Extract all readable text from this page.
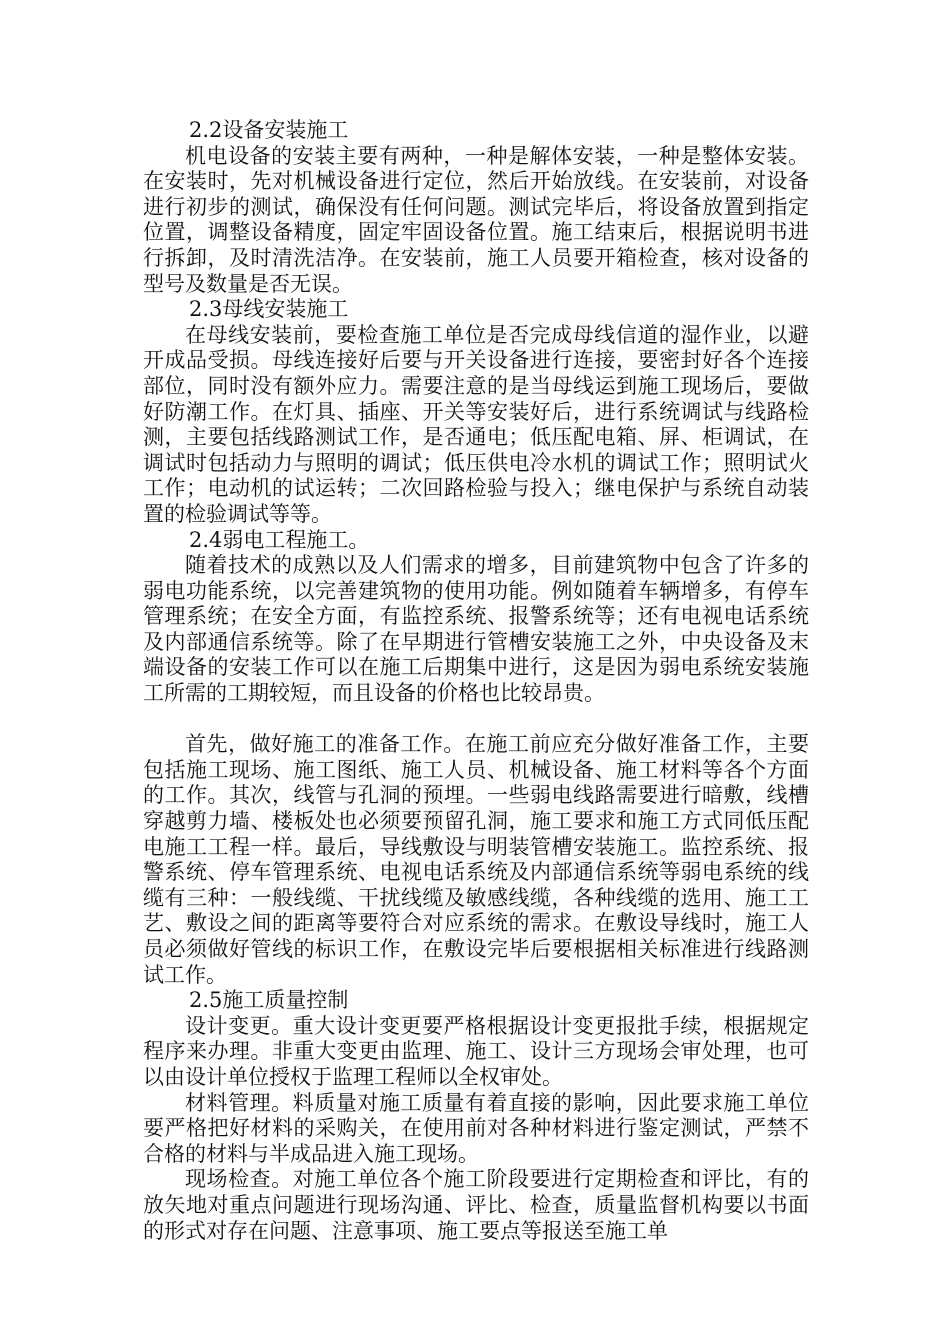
2.2设备安装施工

机电设备的安装主要有两种，一种是解体安装，一种是整体安装。在安装时，先对机械设备进行定位，然后开始放线。在安装前，对设备进行初步的测试，确保没有任何问题。测试完毕后，将设备放置到指定位置，调整设备精度，固定牢固设备位置。施工结束后，根据说明书进行拆卸，及时清洗洁净。在安装前，施工人员要开箱检查，核对设备的型号及数量是否无误。

2.3母线安装施工

在母线安装前，要检查施工单位是否完成母线信道的湿作业，以避开成品受损。母线连接好后要与开关设备进行连接，要密封好各个连接部位，同时没有额外应力。需要注意的是当母线运到施工现场后，要做好防潮工作。在灯具、插座、开关等安装好后，进行系统调试与线路检测，主要包括线路测试工作，是否通电；低压配电箱、屏、柜调试，在调试时包括动力与照明的调试；低压供电冷水机的调试工作；照明试火工作；电动机的试运转；二次回路检验与投入；继电保护与系统自动装置的检验调试等等。

2.4弱电工程施工。

随着技术的成熟以及人们需求的增多，目前建筑物中包含了许多的弱电功能系统，以完善建筑物的使用功能。例如随着车辆增多，有停车管理系统；在安全方面，有监控系统、报警系统等；还有电视电话系统及内部通信系统等。除了在早期进行管槽安装施工之外，中央设备及末端设备的安装工作可以在施工后期集中进行，这是因为弱电系统安装施工所需的工期较短，而且设备的价格也比较昂贵。

首先，做好施工的准备工作。在施工前应充分做好准备工作，主要包括施工现场、施工图纸、施工人员、机械设备、施工材料等各个方面的工作。其次，线管与孔洞的预埋。一些弱电线路需要进行暗敷，线槽穿越剪力墙、楼板处也必须要预留孔洞，施工要求和施工方式同低压配电施工工程一样。最后，导线敷设与明装管槽安装施工。监控系统、报警系统、停车管理系统、电视电话系统及内部通信系统等弱电系统的线缆有三种：一般线缆、干扰线缆及敏感线缆，各种线缆的选用、施工工艺、敷设之间的距离等要符合对应系统的需求。在敷设导线时，施工人员必须做好管线的标识工作，在敷设完毕后要根据相关标准进行线路测试工作。

2.5施工质量控制

设计变更。重大设计变更要严格根据设计变更报批手续，根据规定程序来办理。非重大变更由监理、施工、设计三方现场会审处理，也可以由设计单位授权于监理工程师以全权审处。

材料管理。料质量对施工质量有着直接的影响，因此要求施工单位要严格把好材料的采购关，在使用前对各种材料进行鉴定测试，严禁不合格的材料与半成品进入施工现场。

现场检查。对施工单位各个施工阶段要进行定期检查和评比，有的放矢地对重点问题进行现场沟通、评比、检查，质量监督机构要以书面的形式对存在问题、注意事项、施工要点等报送至施工单
